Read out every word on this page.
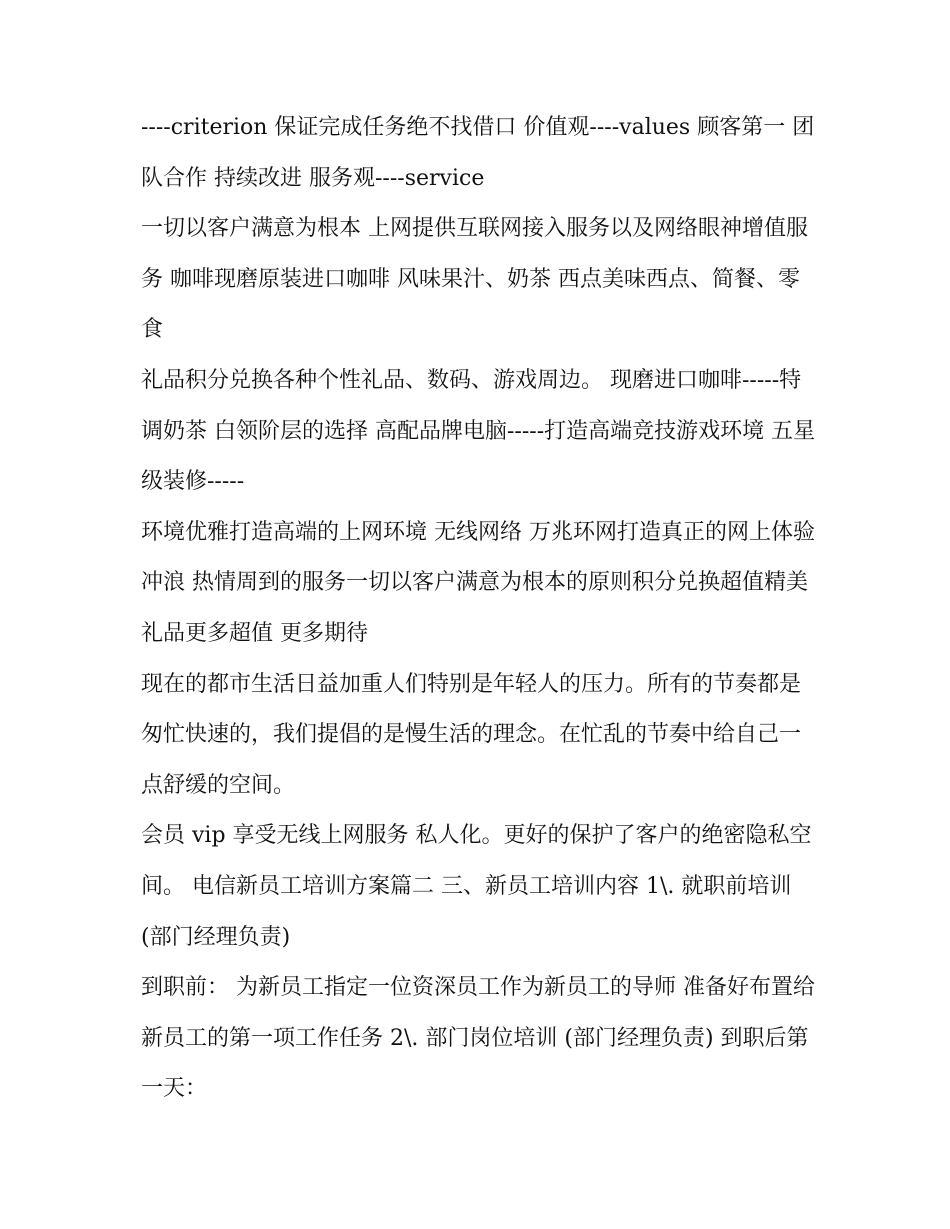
----criterion 保证完成任务绝不找借口 价值观----values 顾客第一 团队合作 持续改进 服务观----service

一切以客户满意为根本 上网提供互联网接入服务以及网络眼神增值服务 咖啡现磨原装进口咖啡 风味果汁、奶茶 西点美味西点、简餐、零食

礼品积分兑换各种个性礼品、数码、游戏周边。 现磨进口咖啡-----特调奶茶 白领阶层的选择 高配品牌电脑-----打造高端竞技游戏环境 五星级装修-----

环境优雅打造高端的上网环境 无线网络 万兆环网打造真正的网上体验冲浪 热情周到的服务一切以客户满意为根本的原则积分兑换超值精美礼品更多超值 更多期待

现在的都市生活日益加重人们特别是年轻人的压力。所有的节奏都是匆忙快速的，我们提倡的是慢生活的理念。在忙乱的节奏中给自己一点舒缓的空间。

会员 vip 享受无线上网服务 私人化。更好的保护了客户的绝密隐私空间。 电信新员工培训方案篇二 三、新员工培训内容 1\. 就职前培训 (部门经理负责)

到职前： 为新员工指定一位资深员工作为新员工的导师 准备好布置给新员工的第一项工作任务 2\. 部门岗位培训 (部门经理负责) 到职后第一天：
